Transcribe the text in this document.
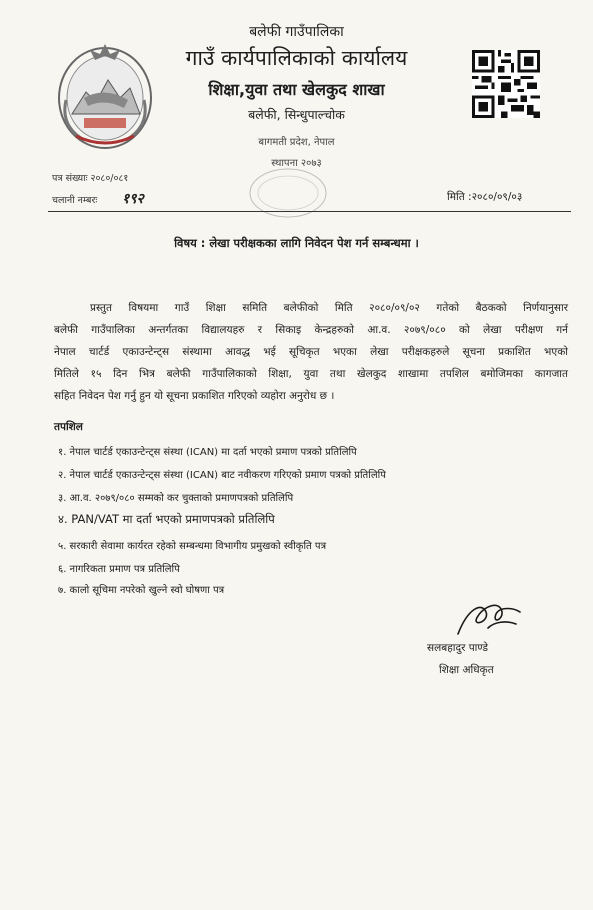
बलेफी गाउँपालिका
गाउँ कार्यपालिकाको कार्यालय
शिक्षा,युवा तथा खेलकुद शाखा
बलेफी, सिन्धुपाल्चोक
बागमती प्रदेश, नेपाल
स्थापना २०७३
पत्र संख्याः २०८०/०८१
चलानी नम्बरः १९२	मिति :२०८०/०९/०३
विषय : लेखा परीक्षकका लागि निवेदन पेश गर्न सम्बन्धमा ।
प्रस्तुत विषयमा गाउँ शिक्षा समिति बलेफीको मिति २०८०/०९/०२ गतेको बैठकको निर्णयानुसार
बलेफी गाउँपालिका अन्तर्गतका विद्यालयहरु र सिकाइ केन्द्रहरुको आ.व. २०७९/०८० को लेखा परीक्षण गर्न
नेपाल चार्टर्ड एकाउन्टेन्ट्स संस्थामा आवद्ध भई सूचिकृत भएका लेखा परीक्षकहरुले सूचना प्रकाशित भएको
मितिले १५ दिन भित्र बलेफी गाउँपालिकाको शिक्षा, युवा तथा खेलकुद शाखामा तपशिल बमोजिमका कागजात
सहित निवेदन पेश गर्नु हुन यो सूचना प्रकाशित गरिएको व्यहोरा अनुरोध छ ।
तपशिल
१. नेपाल चार्टर्ड एकाउन्टेन्ट्स संस्था (ICAN) मा दर्ता भएको प्रमाण पत्रको प्रतिलिपि
२. नेपाल चार्टर्ड एकाउन्टेन्ट्स संस्था (ICAN) बाट नवीकरण गरिएको प्रमाण पत्रको प्रतिलिपि
३. आ.व. २०७९/०८० सम्मको कर चुक्ताको प्रमाणपत्रको प्रतिलिपि
४. PAN/VAT मा दर्ता भएको प्रमाणपत्रको प्रतिलिपि
५. सरकारी सेवामा कार्यरत रहेको सम्बन्धमा विभागीय प्रमुखको स्वीकृति पत्र
६. नागरिकता प्रमाण पत्र प्रतिलिपि
७. कालो सूचिमा नपरेको खुल्ने स्वो घोषणा पत्र
सलबहादुर पाण्डे
शिक्षा अधिकृत
